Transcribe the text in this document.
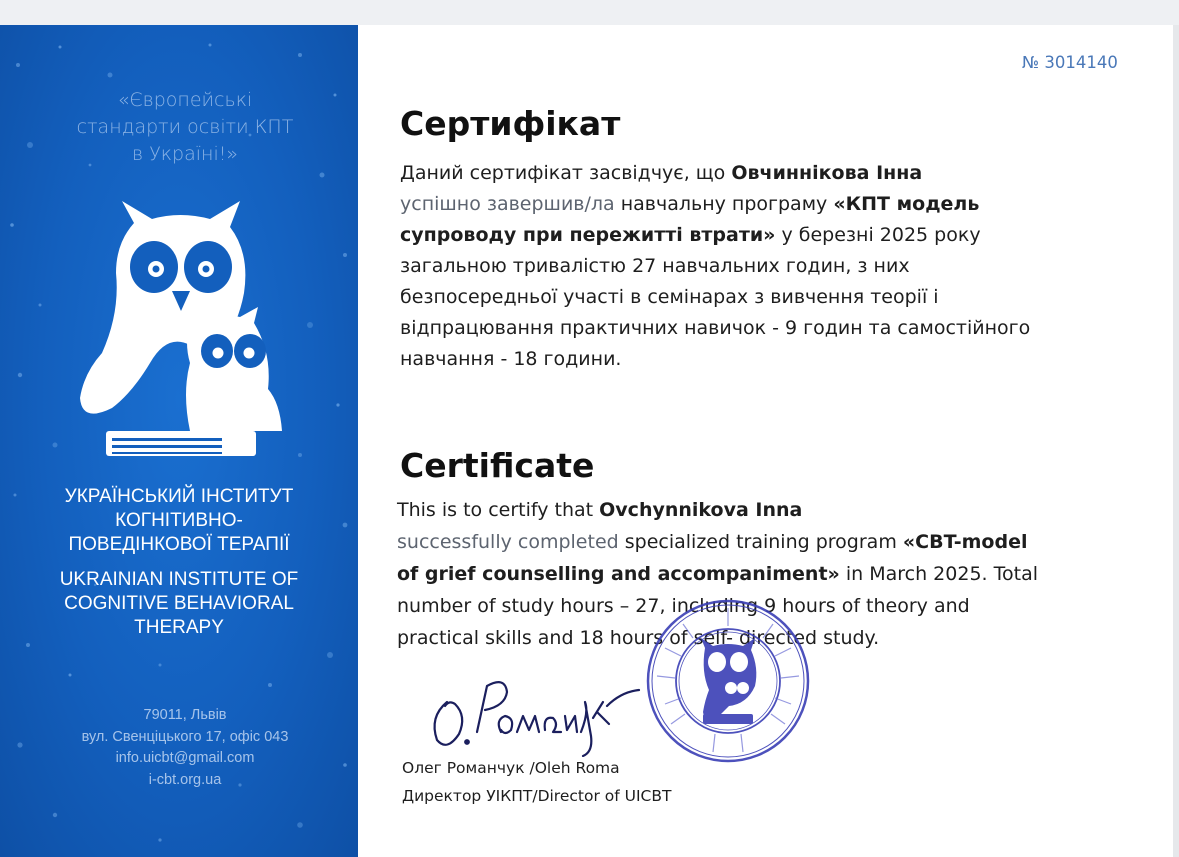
«Європейські
стандарти освіти КПТ
в Україні!»
УКРАЇНСЬКИЙ ІНСТИТУТ
КОГНІТИВНО-
ПОВЕДІНКОВОЇ ТЕРАПІЇ
UKRAINIAN INSTITUTE OF
COGNITIVE BEHAVIORAL
THERAPY
79011, Львів
вул. Свенціцького 17, офіс 043
info.uicbt@gmail.com
i-cbt.org.ua
№ 3014140
Сертифікат
Даний сертифікат засвідчує, що Овчиннікова Інна
успішно завершив/ла навчальну програму «КПТ модель
супроводу при пережитті втрати» у березні 2025 року
загальною тривалістю 27 навчальних годин, з них
безпосередньої участі в семінарах з вивчення теорії і
відпрацювання практичних навичок - 9 годин та самостійного
навчання - 18 години.
Certificate
This is to certify that Ovchynnikova Inna
successfully completed specialized training program «CBT-model
of grief counselling and accompaniment» in March 2025. Total
number of study hours – 27, including 9 hours of theory and
practical skills and 18 hours of self- directed study.
Олег Романчук /Oleh Roma
Директор УІКПТ/Director of UICBT
